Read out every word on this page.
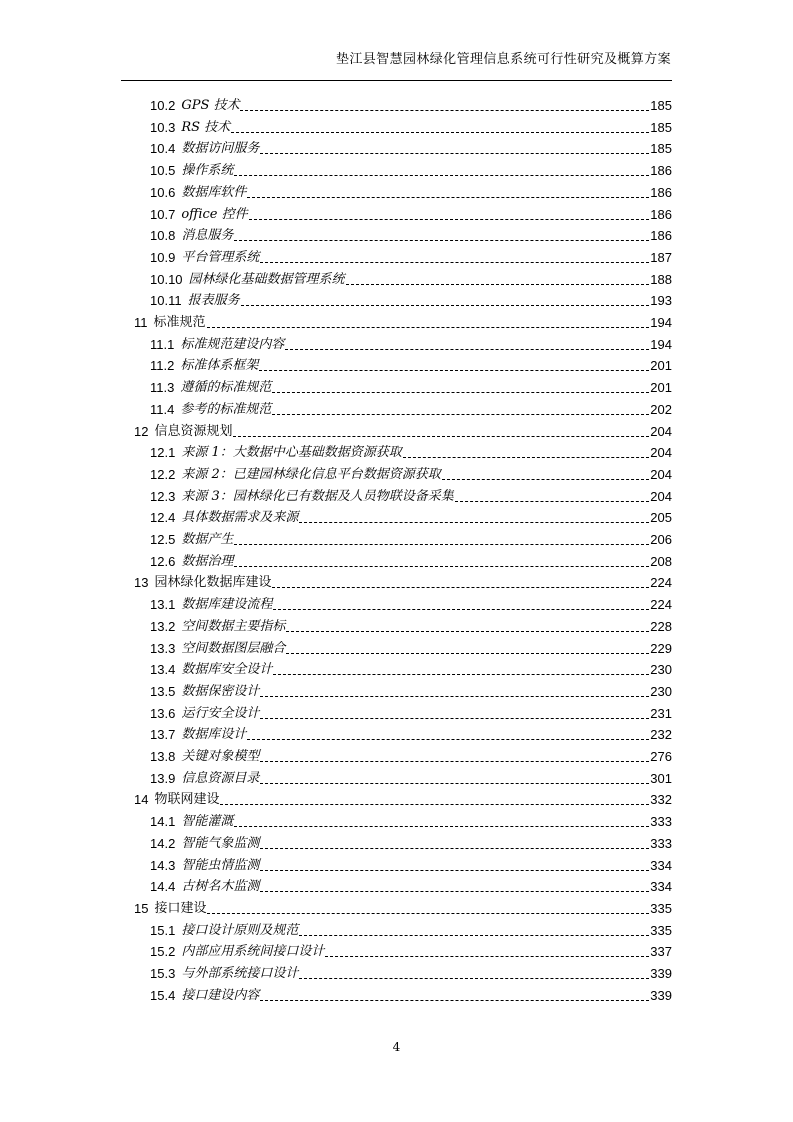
垫江县智慧园林绿化管理信息系统可行性研究及概算方案
10.2 GPS 技术	185
10.3 RS 技术	185
10.4 数据访问服务	185
10.5 操作系统	186
10.6 数据库软件	186
10.7 office 控件	186
10.8 消息服务	186
10.9 平台管理系统	187
10.10 园林绿化基础数据管理系统	188
10.11 报表服务	193
11 标准规范	194
11.1 标准规范建设内容	194
11.2 标准体系框架	201
11.3 遵循的标准规范	201
11.4 参考的标准规范	202
12 信息资源规划	204
12.1 来源 1：大数据中心基础数据资源获取	204
12.2 来源 2：已建园林绿化信息平台数据资源获取	204
12.3 来源 3：园林绿化已有数据及人员物联设备采集	204
12.4 具体数据需求及来源	205
12.5 数据产生	206
12.6 数据治理	208
13 园林绿化数据库建设	224
13.1 数据库建设流程	224
13.2 空间数据主要指标	228
13.3 空间数据图层融合	229
13.4 数据库安全设计	230
13.5 数据保密设计	230
13.6 运行安全设计	231
13.7 数据库设计	232
13.8 关键对象模型	276
13.9 信息资源目录	301
14 物联网建设	332
14.1 智能灌溉	333
14.2 智能气象监测	333
14.3 智能虫情监测	334
14.4 古树名木监测	334
15 接口建设	335
15.1 接口设计原则及规范	335
15.2 内部应用系统间接口设计	337
15.3 与外部系统接口设计	339
15.4 接口建设内容	339
4
